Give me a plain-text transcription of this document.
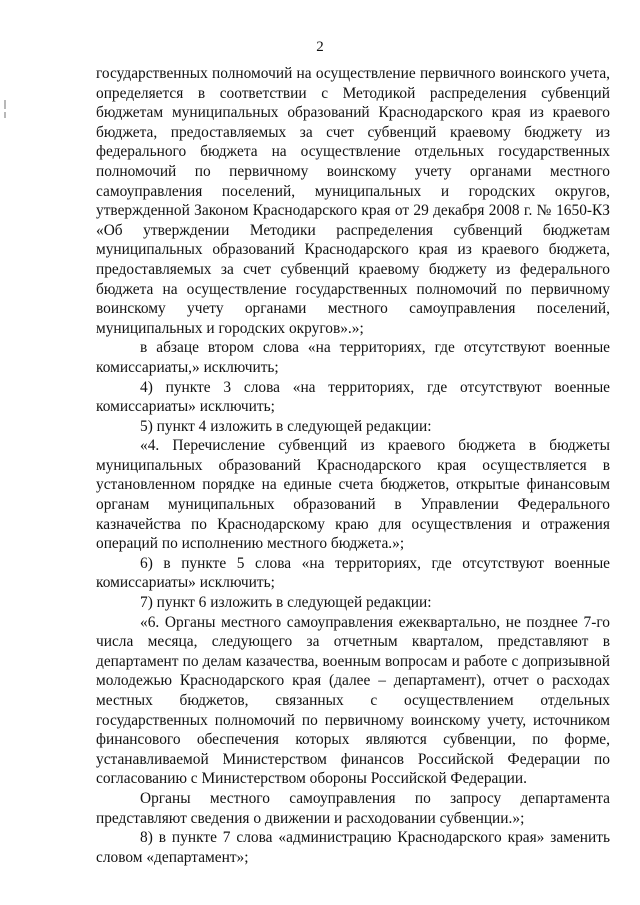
2

государственных полномочий на осуществление первичного воинского учета, определяется в соответствии с Методикой распределения субвенций бюджетам муниципальных образований Краснодарского края из краевого бюджета, предоставляемых за счет субвенций краевому бюджету из федерального бюджета на осуществление отдельных государственных полномочий по первичному воинскому учету органами местного самоуправления поселений, муниципальных и городских округов, утвержденной Законом Краснодарского края от 29 декабря 2008 г. № 1650-КЗ «Об утверждении Методики распределения субвенций бюджетам муниципальных образований Краснодарского края из краевого бюджета, предоставляемых за счет субвенций краевому бюджету из федерального бюджета на осуществление государственных полномочий по первичному воинскому учету органами местного самоуправления поселений, муниципальных и городских округов».»;

в абзаце втором слова «на территориях, где отсутствуют военные комиссариаты,» исключить;

4) пункте 3 слова «на территориях, где отсутствуют военные комиссариаты» исключить;

5) пункт 4 изложить в следующей редакции:

«4. Перечисление субвенций из краевого бюджета в бюджеты муниципальных образований Краснодарского края осуществляется в установленном порядке на единые счета бюджетов, открытые финансовым органам муниципальных образований в Управлении Федерального казначейства по Краснодарскому краю для осуществления и отражения операций по исполнению местного бюджета.»;

6) в пункте 5 слова «на территориях, где отсутствуют военные комиссариаты» исключить;

7) пункт 6 изложить в следующей редакции:

«6. Органы местного самоуправления ежеквартально, не позднее 7-го числа месяца, следующего за отчетным кварталом, представляют в департамент по делам казачества, военным вопросам и работе с допризывной молодежью Краснодарского края (далее – департамент), отчет о расходах местных бюджетов, связанных с осуществлением отдельных государственных полномочий по первичному воинскому учету, источником финансового обеспечения которых являются субвенции, по форме, устанавливаемой Министерством финансов Российской Федерации по согласованию с Министерством обороны Российской Федерации.

Органы местного самоуправления по запросу департамента представляют сведения о движении и расходовании субвенции.»;

8) в пункте 7 слова «администрацию Краснодарского края» заменить словом «департамент»;
